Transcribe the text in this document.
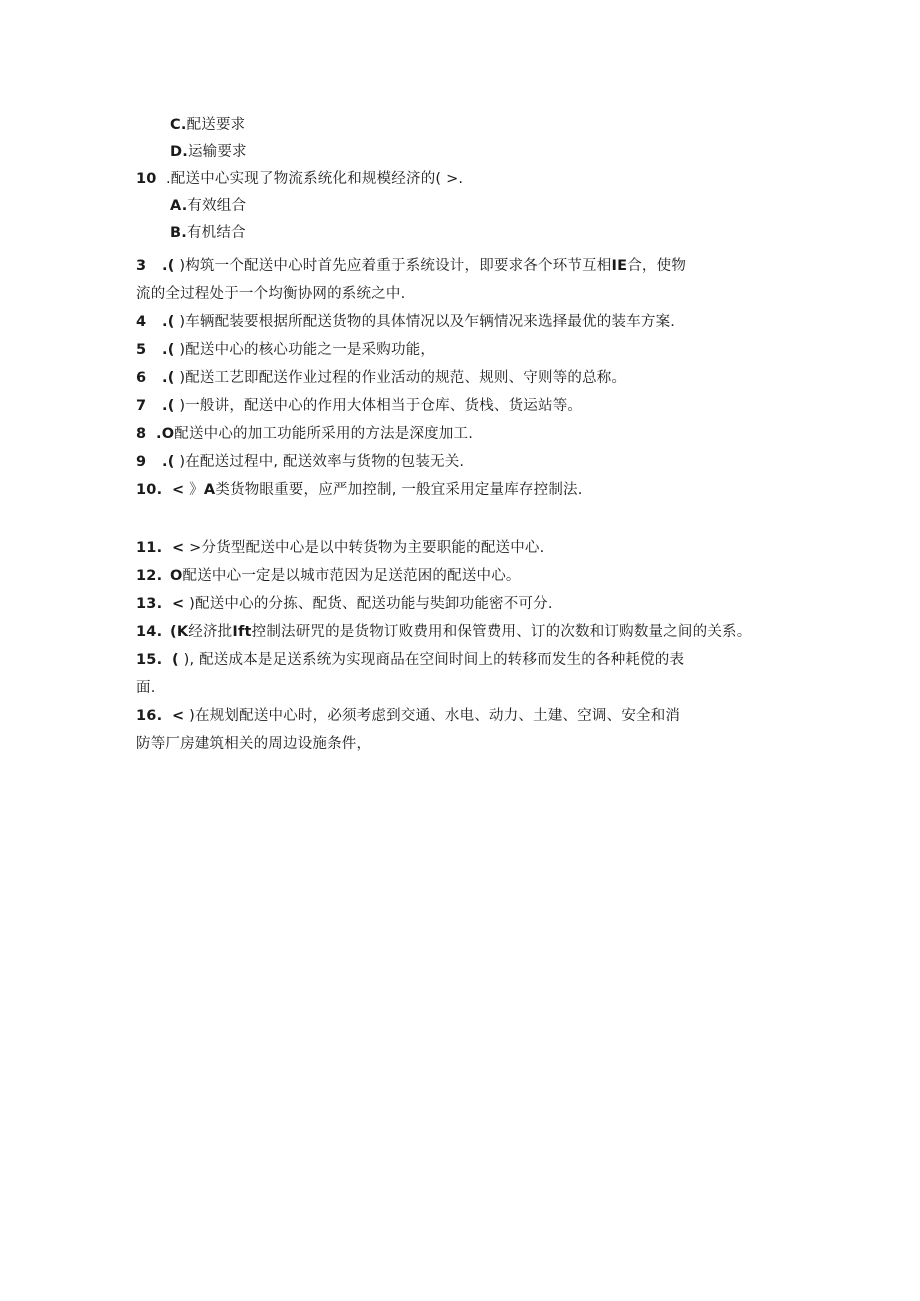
C.配送要求
D.运输要求
10 .配送中心实现了物流系统化和规模经济的( >.
A.有效组合
B.有机结合
3 .( )构筑一个配送中心时首先应着重于系统设计，即要求各个环节互相IE合，使物
流的全过程处于一个均衡协网的系统之中.
4 .( )车辆配装要根据所配送货物的具体情况以及乍辆情况来选择最优的装车方案.
5 .( )配送中心的核心功能之一是采购功能，
6 .( )配送工艺即配送作业过程的作业活动的规范、规则、守则等的总称。
7 .( )一般讲，配送中心的作用大体相当于仓库、货栈、货运站等。
8 .O配送中心的加工功能所采用的方法是深度加工.
9 .( )在配送过程中, 配送效率与货物的包装无关.
10. < 》A类货物眼重要，应严加控制, 一般宜采用定量库存控制法.
11. < >分货型配送中心是以中转货物为主要职能的配送中心.
12. O配送中心一定是以城市范因为足送范困的配送中心。
13. < )配送中心的分拣、配货、配送功能与奘卸功能密不可分.
14. (K经济批Ift控制法研咒的是货物订败费用和保管费用、订的次数和订购数量之间的关系。
15. ( ), 配送成本是足送系统为实现商品在空间时间上的转移而发生的各种耗傥的表
面.
16. < )在规划配送中心时，必须考虑到交通、水电、动力、土建、空调、安全和消
防等厂房建筑相关的周边设施条件，
